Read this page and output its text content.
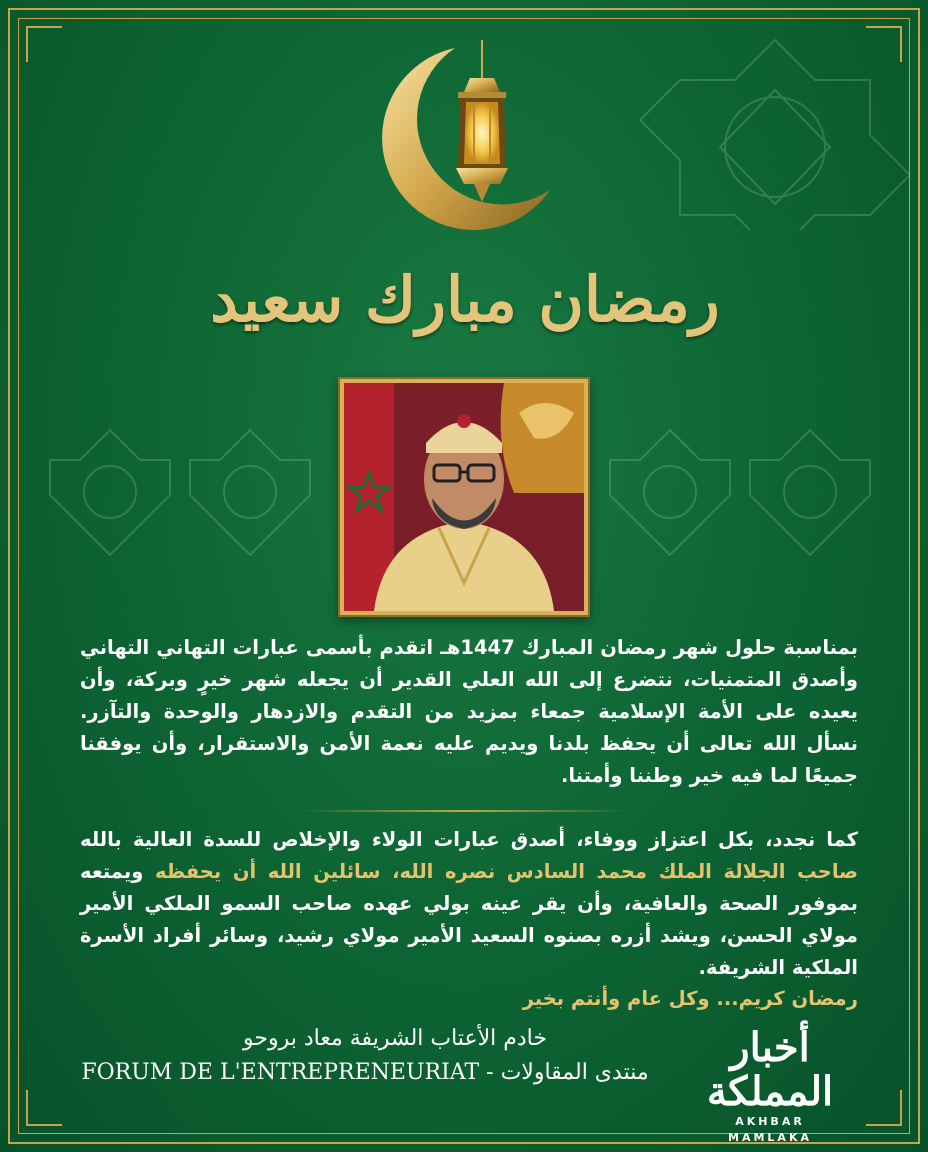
رمضان مبارك سعيد

بمناسبة حلول شهر رمضان المبارك 1447هـ اتقدم بأسمى عبارات التهاني التهاني وأصدق المتمنيات، نتضرع إلى الله العلي القدير أن يجعله شهر خيرٍ وبركة، وأن يعيده على الأمة الإسلامية جمعاء بمزيد من التقدم والازدهار والوحدة والتآزر. نسأل الله تعالى أن يحفظ بلدنا ويديم عليه نعمة الأمن والاستقرار، وأن يوفقنا جميعًا لما فيه خير وطننا وأمتنا.

كما نجدد، بكل اعتزاز ووفاء، أصدق عبارات الولاء والإخلاص للسدة العالية بالله صاحب الجلالة الملك محمد السادس نصره الله، سائلين الله أن يحفظه ويمتعه بموفور الصحة والعافية، وأن يقر عينه بولي عهده صاحب السمو الملكي الأمير مولاي الحسن، ويشد أزره بصنوه السعيد الأمير مولاي رشيد، وسائر أفراد الأسرة الملكية الشريفة.

رمضان كريم... وكل عام وأنتم بخير
خادم الأعتاب الشريفة معاد بروحو
FORUM DE L'ENTREPRENEURIAT - منتدى المقاولات
أخبار المملكة
AKHBAR MAMLAKA
